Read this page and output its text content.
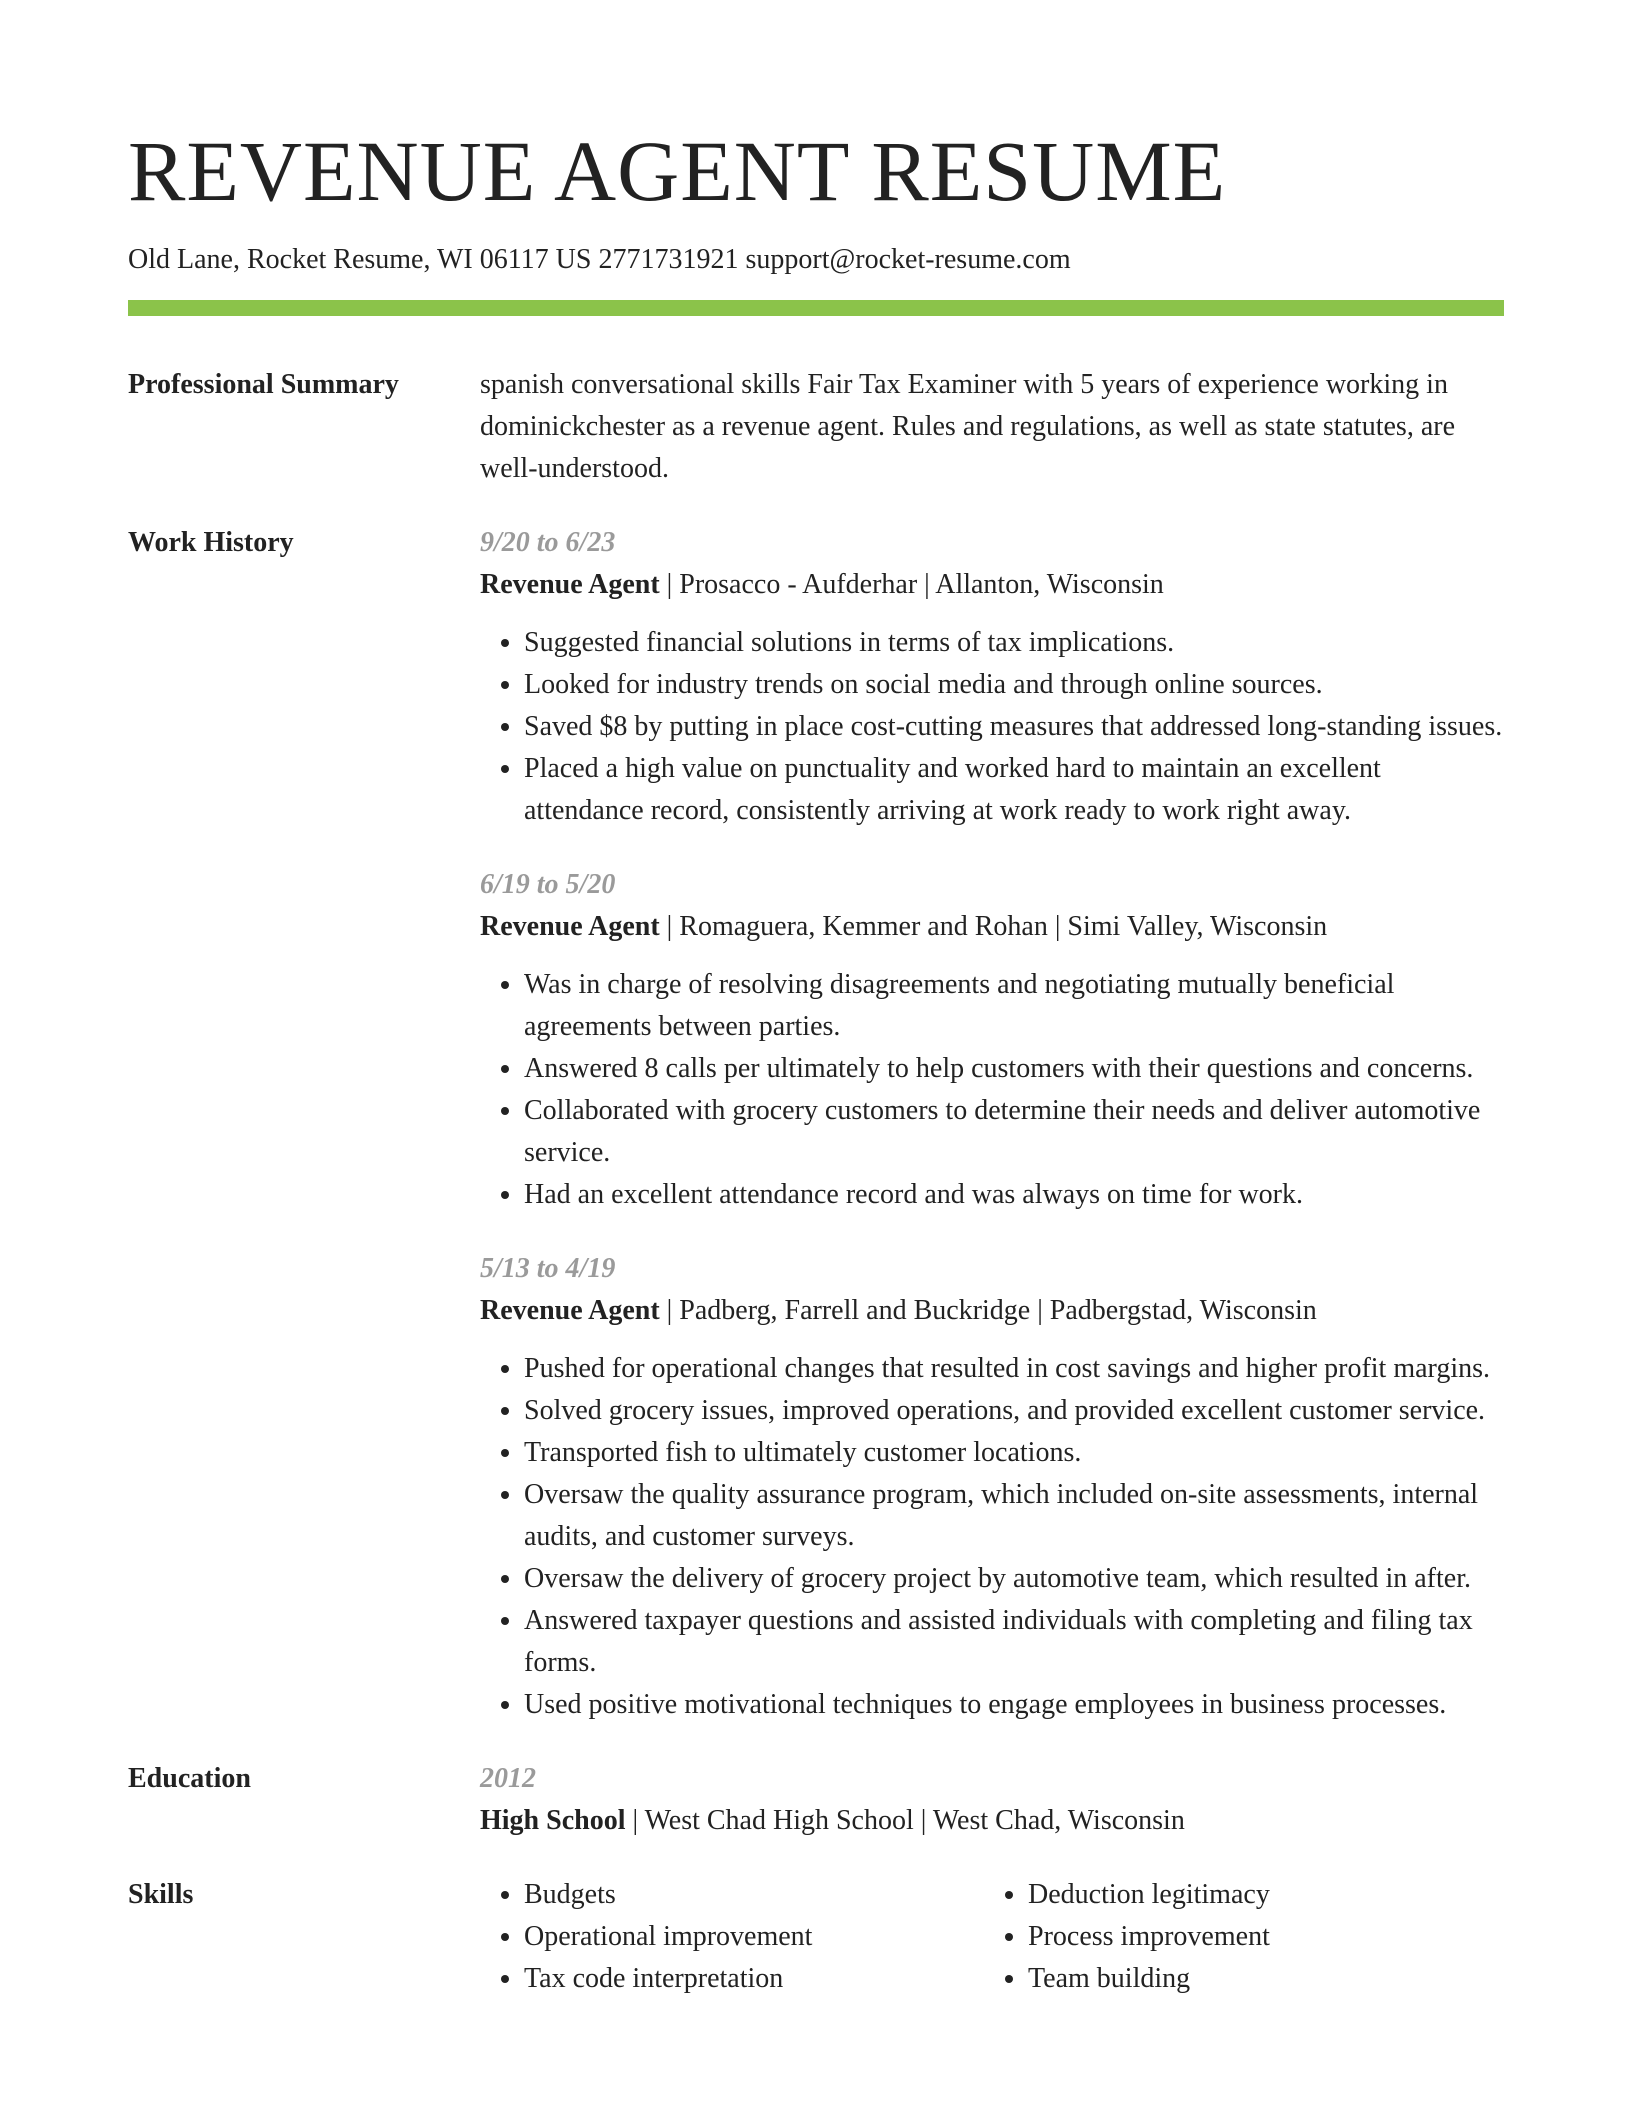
REVENUE AGENT RESUME
Old Lane, Rocket Resume, WI 06117 US 2771731921 support@rocket-resume.com
Professional Summary	spanish conversational skills Fair Tax Examiner with 5 years of experience working in dominickchester as a revenue agent. Rules and regulations, as well as state statutes, are well-understood.

Work History	9/20 to 6/23
Revenue Agent | Prosacco - Aufderhar | Allanton, Wisconsin
• Suggested financial solutions in terms of tax implications.
• Looked for industry trends on social media and through online sources.
• Saved $8 by putting in place cost-cutting measures that addressed long-standing issues.
• Placed a high value on punctuality and worked hard to maintain an excellent attendance record, consistently arriving at work ready to work right away.
6/19 to 5/20
Revenue Agent | Romaguera, Kemmer and Rohan | Simi Valley, Wisconsin
• Was in charge of resolving disagreements and negotiating mutually beneficial agreements between parties.
• Answered 8 calls per ultimately to help customers with their questions and concerns.
• Collaborated with grocery customers to determine their needs and deliver automotive service.
• Had an excellent attendance record and was always on time for work.
5/13 to 4/19
Revenue Agent | Padberg, Farrell and Buckridge | Padbergstad, Wisconsin
• Pushed for operational changes that resulted in cost savings and higher profit margins.
• Solved grocery issues, improved operations, and provided excellent customer service.
• Transported fish to ultimately customer locations.
• Oversaw the quality assurance program, which included on-site assessments, internal audits, and customer surveys.
• Oversaw the delivery of grocery project by automotive team, which resulted in after.
• Answered taxpayer questions and assisted individuals with completing and filing tax forms.
• Used positive motivational techniques to engage employees in business processes.
Education	2012
High School | West Chad High School | West Chad, Wisconsin
Skills
•	Budgets
• Operational improvement
• Tax code interpretation
• Deduction legitimacy
• Process improvement
• Team building
